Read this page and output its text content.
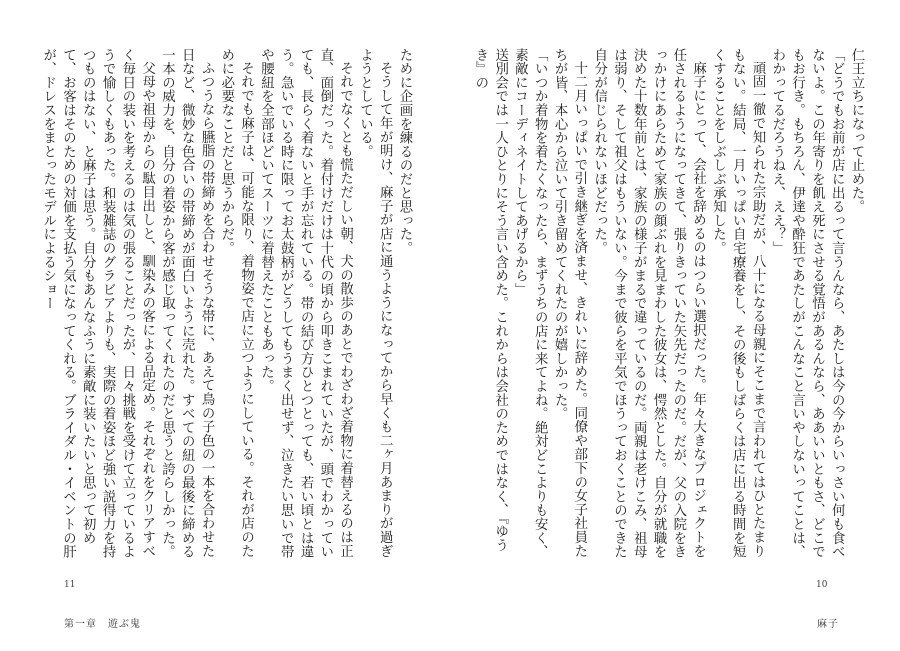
仁王立ちになって止めた。

「どうでもお前が店に出るって言うんなら、あたしは今の今からいっさい何も食べないよ。この年寄りを飢え死にさせる覚悟があるんなら、ああいいともさ、どこでもお行き。もちろん、伊達や酔狂であたしがこんなこと言いやしないってことは、わかってるだろうねえ、ええ？」

頑固一徹で知られた宗助だが、八十になる母親にそこまで言われてはひとたまりもない。結局、一月いっぱい自宅療養をし、その後もしばらくは店に出る時間を短くすることをしぶしぶ承知した。

麻子にとって、会社を辞めるのはつらい選択だった。年々大きなプロジェクトを任されるようになってきて、張りきっていた矢先だったのだ。だが、父の入院をきっかけにあらためて家族の顔ぶれを見まわした彼女は、愕然とした。自分が就職を決めた十数年前とは、家族の様子がまるで違っているのだ。両親は老けこみ、祖母は弱り、そして祖父はもういない。今まで彼らを平気でほうっておくことのできた自分が信じられないほどだった。

十二月いっぱいで引き継ぎを済ませ、きれいに辞めた。同僚や部下の女子社員たちが皆、本心から泣いて引き留めてくれたのが嬉しかった。

「いつか着物を着たくなったら、まずうちの店に来てよね。絶対どこよりも安く、素敵にコーディネイトしてあげるから」

送別会では一人ひとりにそう言い含めた。これからは会社のためではなく、『ゆうき』の

10
麻子

ために企画を練るのだと思った。

そうして年が明け、麻子が店に通うようになってから早くも二ヶ月あまりが過ぎようとしている。

それでなくとも慌ただしい朝、犬の散歩のあとでわざわざ着物に着替えるのは正直、面倒だった。着付けだけは十代の頃から叩きこまれていたが、頭でわかっていても、長らく着ないと手が忘れている。帯の結び方ひとつとっても、若い頃とは違う。急いでいる時に限ってお太鼓柄がどうしてもうまく出せず、泣きたい思いで帯や腰紐を全部ほどいてスーツに着替えたこともあった。

それでも麻子は、可能な限り、着物姿で店に立つようにしている。それが店のために必要なことだと思うからだ。

ふつうなら臙脂の帯締めを合わせそうな帯に、あえて鳥の子色の一本を合わせた日など、微妙な色合いの帯締めが面白いように売れた。すべての紐の最後に締める一本の威力を、自分の着姿から客が感じ取ってくれたのだと思うと誇らしかった。

父母や祖母からの駄目出しと、馴染みの客による品定め。それぞれをクリアすべく毎日の装いを考えるのは気の張ることだったが、日々挑戦を受けて立っているようで愉しくもあった。和装雑誌のグラビアよりも、実際の着姿ほど強い説得力を持つものはない、と麻子は思う。自分もあんなふうに素敵に装いたいと思って初めて、お客はそのための対価を支払う気になってくれる。ブライダル・イベントの肝が、ドレスをまとったモデルによるショー

11
第一章　遊ぶ鬼
